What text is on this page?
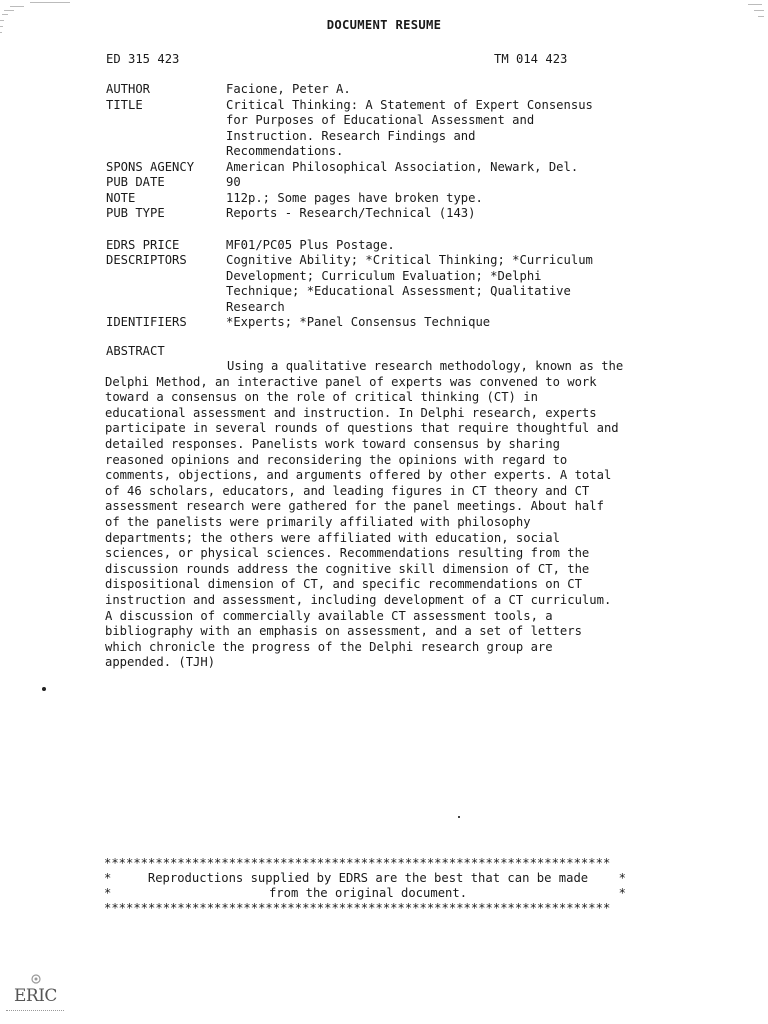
DOCUMENT RESUME
ED 315 423	TM 014 423
AUTHOR	Facione, Peter A.
TITLE	Critical Thinking: A Statement of Expert Consensus
for Purposes of Educational Assessment and
Instruction. Research Findings and
Recommendations.
SPONS AGENCY	American Philosophical Association, Newark, Del.
PUB DATE	90
NOTE	112p.; Some pages have broken type.
PUB TYPE	Reports - Research/Technical (143)
EDRS PRICE	MF01/PC05 Plus Postage.
DESCRIPTORS	Cognitive Ability; *Critical Thinking; *Curriculum
Development; Curriculum Evaluation; *Delphi
Technique; *Educational Assessment; Qualitative
Research
IDENTIFIERS	*Experts; *Panel Consensus Technique
ABSTRACT
Using a qualitative research methodology, known as the Delphi Method, an interactive panel of experts was convened to work toward a consensus on the role of critical thinking (CT) in educational assessment and instruction. In Delphi research, experts participate in several rounds of questions that require thoughtful and detailed responses. Panelists work toward consensus by sharing reasoned opinions and reconsidering the opinions with regard to comments, objections, and arguments offered by other experts. A total of 46 scholars, educators, and leading figures in CT theory and CT assessment research were gathered for the panel meetings. About half of the panelists were primarily affiliated with philosophy departments; the others were affiliated with education, social sciences, or physical sciences. Recommendations resulting from the discussion rounds address the cognitive skill dimension of CT, the dispositional dimension of CT, and specific recommendations on CT instruction and assessment, including development of a CT curriculum. A discussion of commercially available CT assessment tools, a bibliography with an emphasis on assessment, and a set of letters which chronicle the progress of the Delphi research group are appended. (TJH)
*********************************************************************
*	Reproductions supplied by EDRS are the best that can be made	*
*	from the original document.	*
*********************************************************************
ERIC
